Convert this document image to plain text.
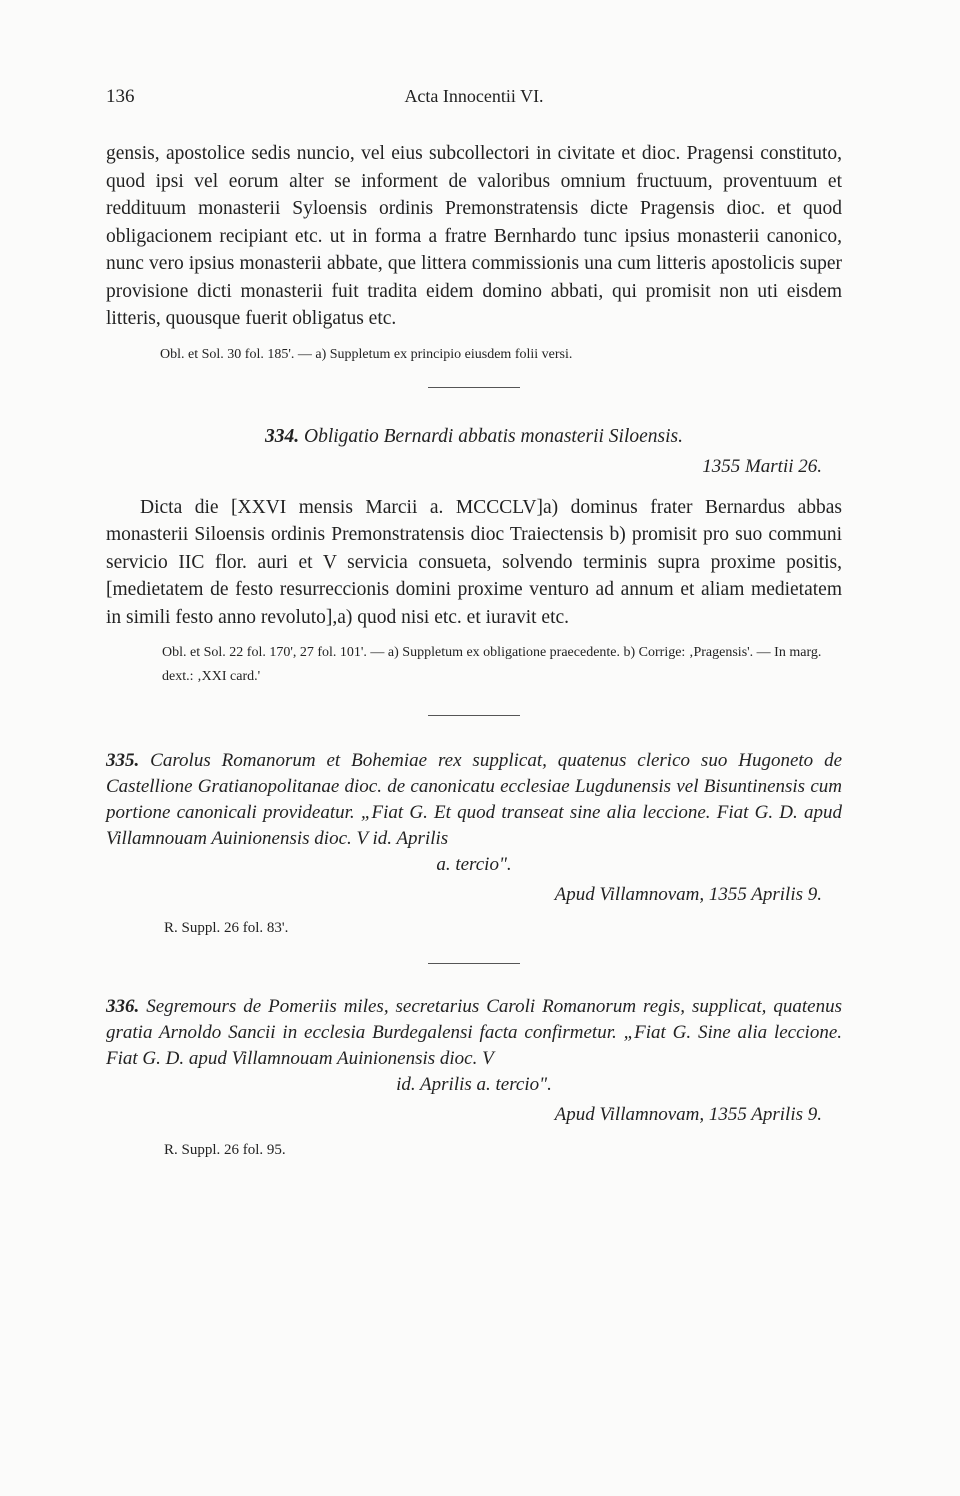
136	Acta Innocentii VI.

gensis, apostolice sedis nuncio, vel eius subcollectori in civitate et dioc. Pragensi constituto, quod ipsi vel eorum alter se informent de valoribus omnium fructuum, proventuum et reddituum monasterii Syloensis ordinis Premonstratensis dicte Pragensis dioc. et quod obligacionem recipiant etc. ut in forma a fratre Bernhardo tunc ipsius monasterii canonico, nunc vero ipsius monasterii abbate, que littera commissionis una cum litteris apostolicis super provisione dicti monasterii fuit tradita eidem domino abbati, qui promisit non uti eisdem litteris, quousque fuerit obligatus etc.

Obl. et Sol. 30 fol. 185'. — a) Suppletum ex principio eiusdem folii versi.

334. Obligatio Bernardi abbatis monasterii Siloensis.
1355 Martii 26.

Dicta die [XXVI mensis Marcii a. MCCCLV]a) dominus frater Bernardus abbas monasterii Siloensis ordinis Premonstratensis dioc Traiectensis b) promisit pro suo communi servicio IIC flor. auri et V servicia consueta, solvendo terminis supra proxime positis, [medietatem de festo resurreccionis domini proxime venturo ad annum et aliam medietatem in simili festo anno revoluto],a) quod nisi etc. et iuravit etc.

Obl. et Sol. 22 fol. 170', 27 fol. 101'. — a) Suppletum ex obligatione praecedente. b) Corrige: ‚Pragensis'. — In marg. dext.: ‚XXI card.'

335. Carolus Romanorum et Bohemiae rex supplicat, quatenus clerico suo Hugoneto de Castellione Gratianopolitanae dioc. de canonicatu ecclesiae Lugdunensis vel Bisuntinensis cum portione canonicali provideatur. „Fiat G. Et quod transeat sine alia leccione. Fiat G. D. apud Villamnouam Auinionensis dioc. V id. Aprilis
a. tercio".

Apud Villamnovam, 1355 Aprilis 9.

R. Suppl. 26 fol. 83'.

336. Segremours de Pomeriis miles, secretarius Caroli Romanorum regis, supplicat, quatenus gratia Arnoldo Sancii in ecclesia Burdegalensi facta confirmetur. „Fiat G. Sine alia leccione. Fiat G. D. apud Villamnouam Auinionensis dioc. V
id. Aprilis a. tercio".

Apud Villamnovam, 1355 Aprilis 9.

R. Suppl. 26 fol. 95.
